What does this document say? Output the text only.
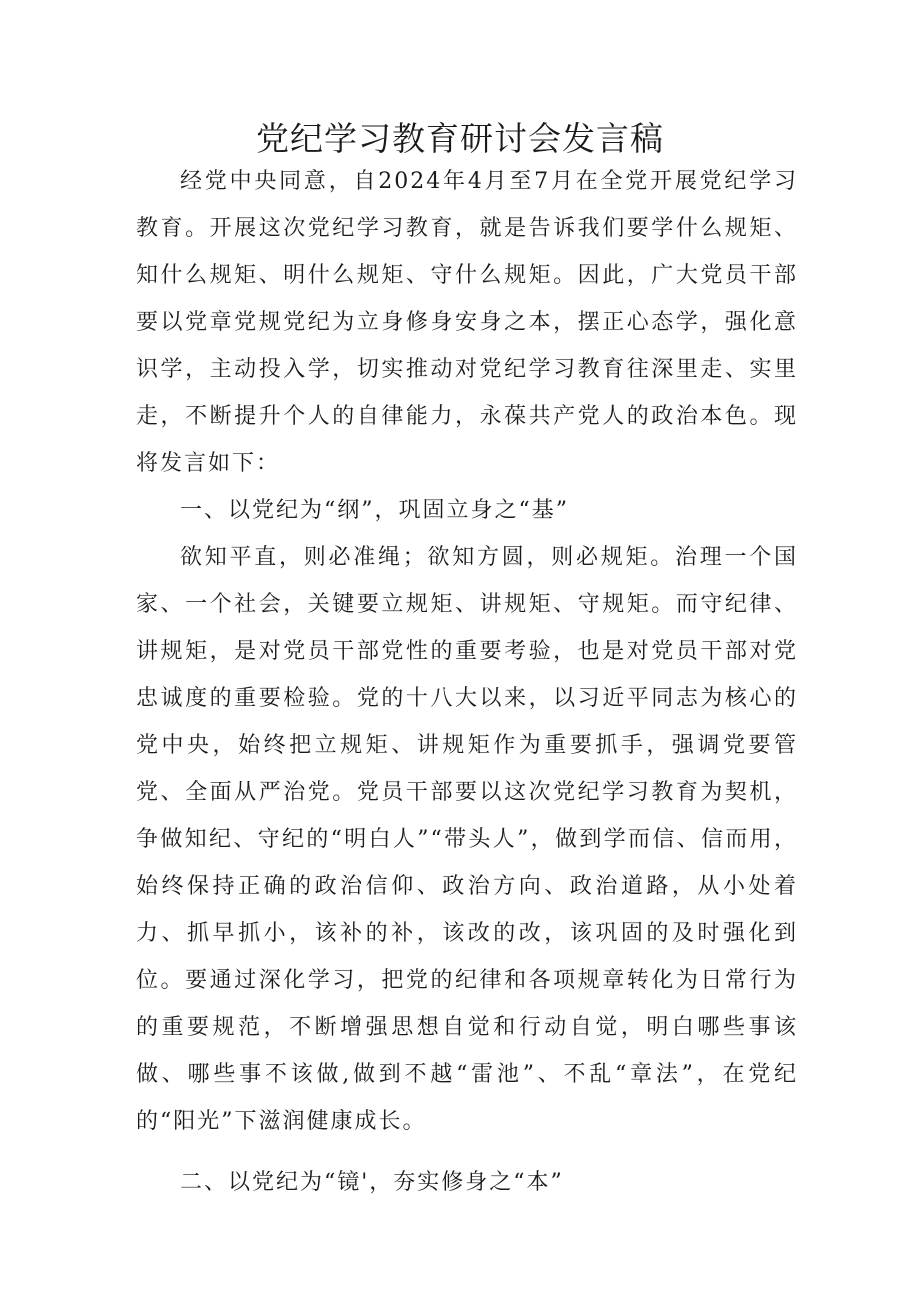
党纪学习教育研讨会发言稿

经党中央同意，自2024年4月至7月在全党开展党纪学习教育。开展这次党纪学习教育，就是告诉我们要学什么规矩、知什么规矩、明什么规矩、守什么规矩。因此，广大党员干部要以党章党规党纪为立身修身安身之本，摆正心态学，强化意识学，主动投入学，切实推动对党纪学习教育往深里走、实里走，不断提升个人的自律能力，永葆共产党人的政治本色。现将发言如下：

一、以党纪为“纲”，巩固立身之“基”

欲知平直，则必准绳；欲知方圆，则必规矩。治理一个国家、一个社会，关键要立规矩、讲规矩、守规矩。而守纪律、讲规矩，是对党员干部党性的重要考验，也是对党员干部对党忠诚度的重要检验。党的十八大以来，以习近平同志为核心的党中央，始终把立规矩、讲规矩作为重要抓手，强调党要管党、全面从严治党。党员干部要以这次党纪学习教育为契机，争做知纪、守纪的“明白人”“带头人”，做到学而信、信而用，始终保持正确的政治信仰、政治方向、政治道路，从小处着力、抓早抓小，该补的补，该改的改，该巩固的及时强化到位。要通过深化学习，把党的纪律和各项规章转化为日常行为的重要规范，不断增强思想自觉和行动自觉，明白哪些事该做、哪些事不该做,做到不越“雷池”、不乱“章法”，在党纪的“阳光”下滋润健康成长。

二、以党纪为“镜'，夯实修身之“本”
